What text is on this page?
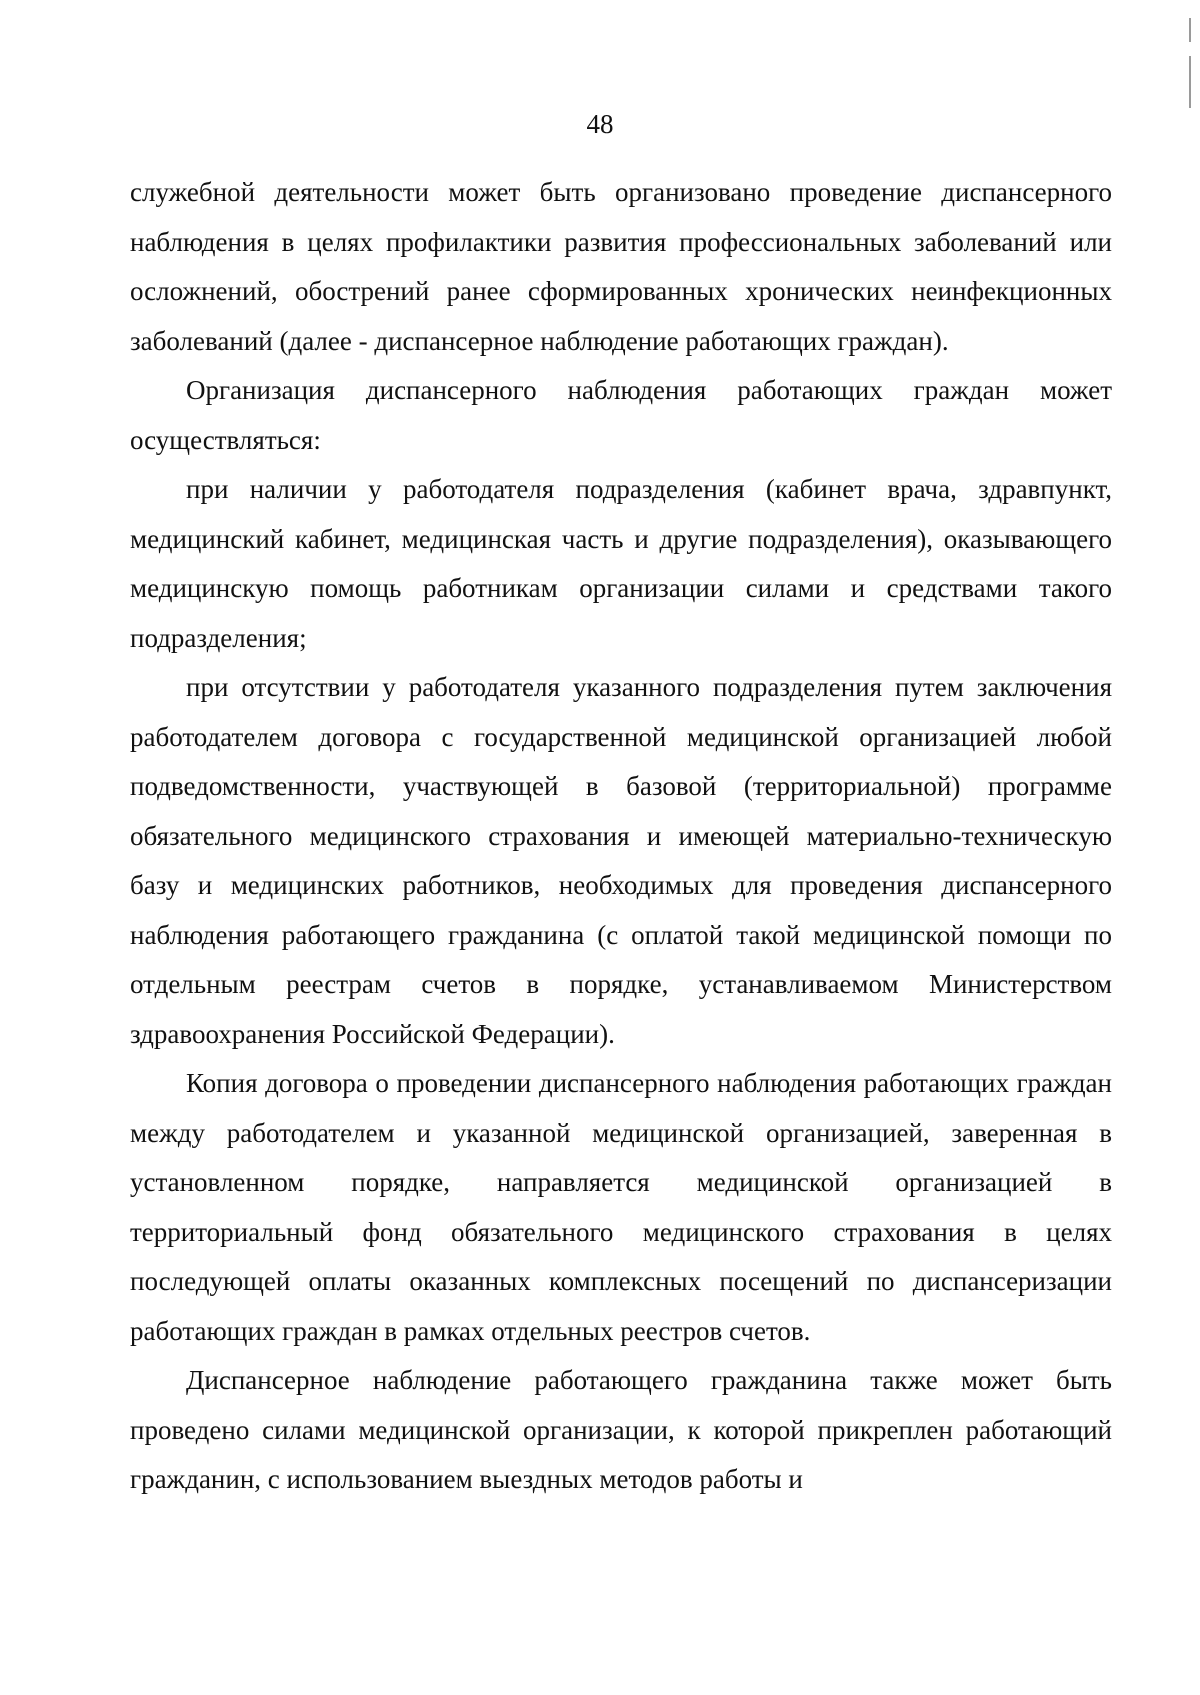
48

служебной деятельности может быть организовано проведение диспансерного наблюдения в целях профилактики развития профессиональных заболеваний или осложнений, обострений ранее сформированных хронических неинфекционных заболеваний (далее - диспансерное наблюдение работающих граждан).

Организация диспансерного наблюдения работающих граждан может осуществляться:

при наличии у работодателя подразделения (кабинет врача, здравпункт, медицинский кабинет, медицинская часть и другие подразделения), оказывающего медицинскую помощь работникам организации силами и средствами такого подразделения;

при отсутствии у работодателя указанного подразделения путем заключения работодателем договора с государственной медицинской организацией любой подведомственности, участвующей в базовой (территориальной) программе обязательного медицинского страхования и имеющей материально-техническую базу и медицинских работников, необходимых для проведения диспансерного наблюдения работающего гражданина (с оплатой такой медицинской помощи по отдельным реестрам счетов в порядке, устанавливаемом Министерством здравоохранения Российской Федерации).

Копия договора о проведении диспансерного наблюдения работающих граждан между работодателем и указанной медицинской организацией, заверенная в установленном порядке, направляется медицинской организацией в территориальный фонд обязательного медицинского страхования в целях последующей оплаты оказанных комплексных посещений по диспансеризации работающих граждан в рамках отдельных реестров счетов.

Диспансерное наблюдение работающего гражданина также может быть проведено силами медицинской организации, к которой прикреплен работающий гражданин, с использованием выездных методов работы и
